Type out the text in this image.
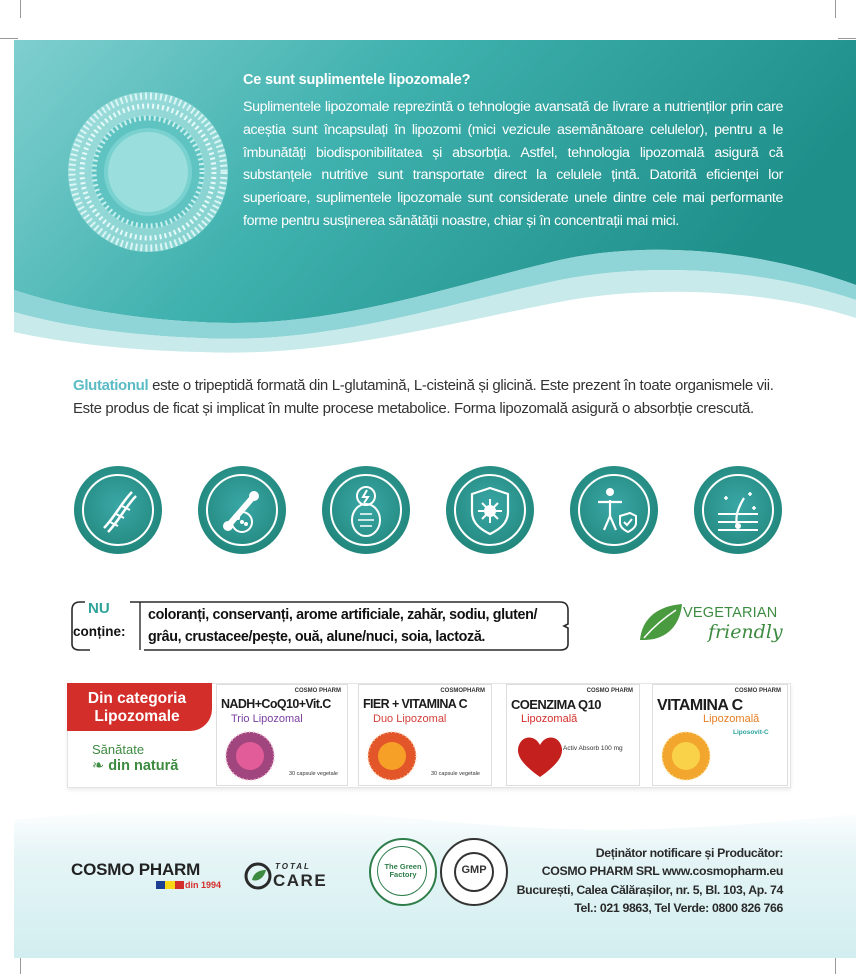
Ce sunt suplimentele lipozomale?
Suplimentele lipozomale reprezintă o tehnologie avansată de livrare a nutrienților prin care aceștia sunt încapsulați în lipozomi (mici vezicule asemănătoare celulelor), pentru a le îmbunătăți biodisponibilitatea și absorbția. Astfel, tehnologia lipozomală asigură că substanțele nutritive sunt transportate direct la celulele țintă. Datorită eficienței lor superioare, suplimentele lipozomale sunt considerate unele dintre cele mai performante forme pentru susținerea sănătății noastre, chiar și în concentrații mai mici.
Glutationul este o tripeptidă formată din L-glutamină, L-cisteină și glicină. Este prezent în toate organismele vii. Este produs de ficat și implicat în multe procese metabolice. Forma lipozomală asigură o absorbție crescută.
NU
conține:
coloranți, conservanți, arome artificiale, zahăr, sodiu, gluten/ grâu, crustacee/pește, ouă, alune/nuci, soia, lactoză.
VEGETARIAN
friendly
Din categoria Lipozomale
Sănătate
❧ din natură
COSMO PHARM
NADH+CoQ10+Vit.C
Trio Lipozomal
30 capsule vegetale
COSMOPHARM
FIER + VITAMINA C
Duo Lipozomal
30 capsule vegetale
COSMO PHARM
COENZIMA Q10
Lipozomală
Activ Absorb 100 mg
COSMO PHARM
VITAMINA C
Lipozomală
Liposovit-C
COSMO PHARM
din 1994
TOTAL
CARE
The Green Factory	GMP
Deținător notificare și Producător:
COSMO PHARM SRL www.cosmopharm.eu
București, Calea Călărașilor, nr. 5, Bl. 103, Ap. 74
Tel.: 021 9863, Tel Verde: 0800 826 766
